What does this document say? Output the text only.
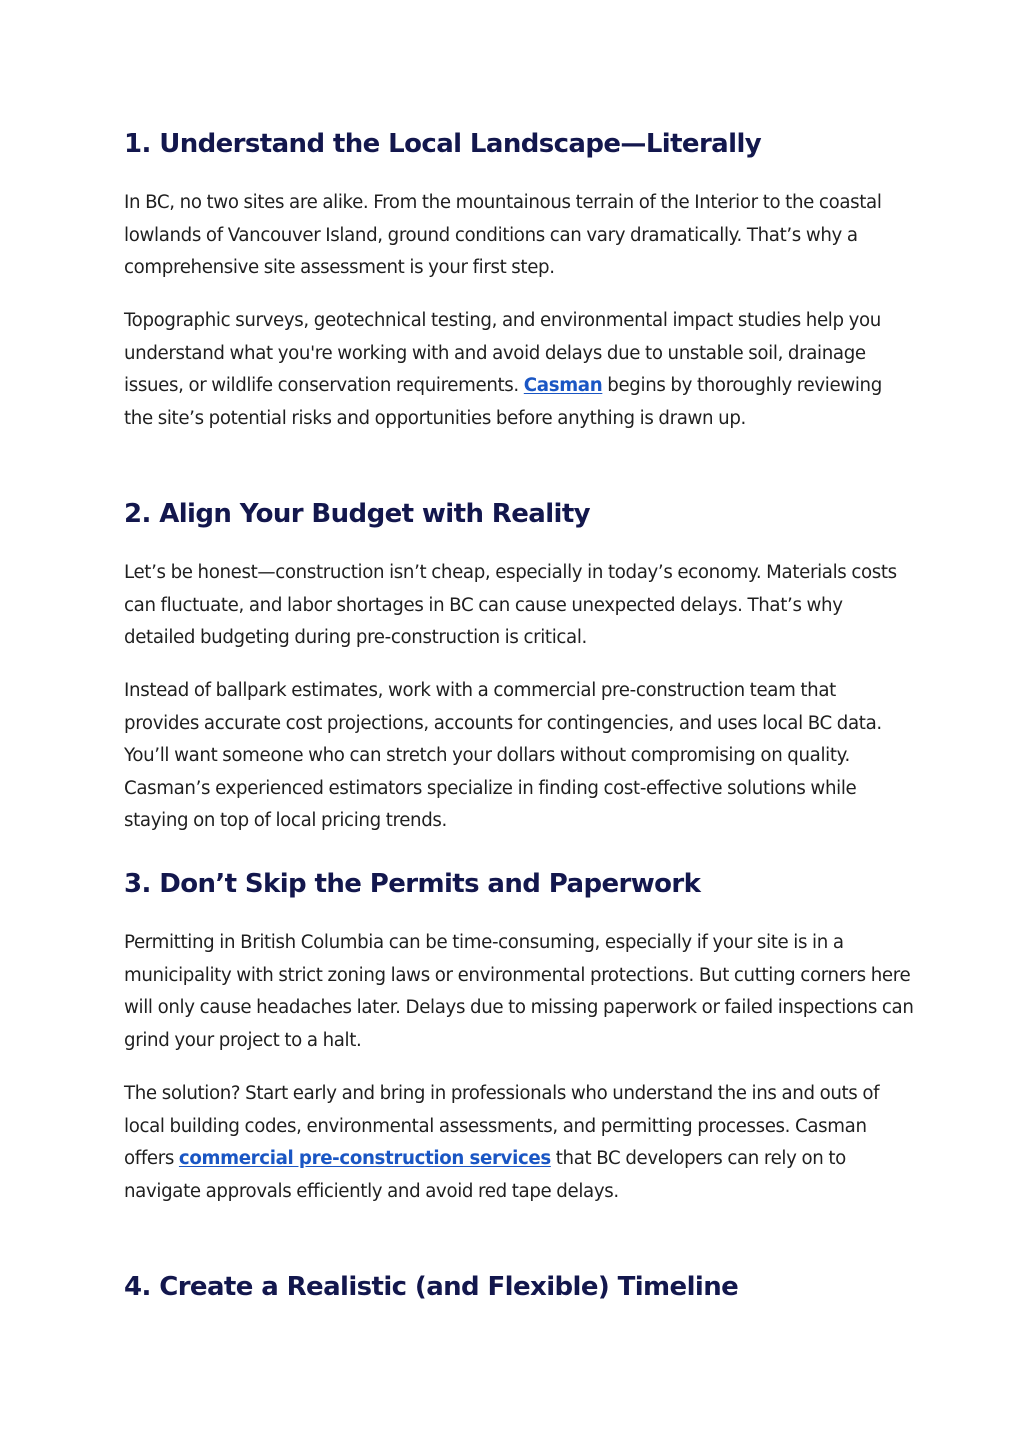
1. Understand the Local Landscape—Literally

In BC, no two sites are alike. From the mountainous terrain of the Interior to the coastal lowlands of Vancouver Island, ground conditions can vary dramatically. That’s why a comprehensive site assessment is your first step.

Topographic surveys, geotechnical testing, and environmental impact studies help you understand what you're working with and avoid delays due to unstable soil, drainage issues, or wildlife conservation requirements. Casman begins by thoroughly reviewing the site’s potential risks and opportunities before anything is drawn up.

2. Align Your Budget with Reality

Let’s be honest—construction isn’t cheap, especially in today’s economy. Materials costs can fluctuate, and labor shortages in BC can cause unexpected delays. That’s why detailed budgeting during pre-construction is critical.

Instead of ballpark estimates, work with a commercial pre-construction team that provides accurate cost projections, accounts for contingencies, and uses local BC data. You’ll want someone who can stretch your dollars without compromising on quality. Casman’s experienced estimators specialize in finding cost-effective solutions while staying on top of local pricing trends.

3. Don’t Skip the Permits and Paperwork

Permitting in British Columbia can be time-consuming, especially if your site is in a municipality with strict zoning laws or environmental protections. But cutting corners here will only cause headaches later. Delays due to missing paperwork or failed inspections can grind your project to a halt.

The solution? Start early and bring in professionals who understand the ins and outs of local building codes, environmental assessments, and permitting processes. Casman offers commercial pre-construction services that BC developers can rely on to navigate approvals efficiently and avoid red tape delays.

4. Create a Realistic (and Flexible) Timeline
